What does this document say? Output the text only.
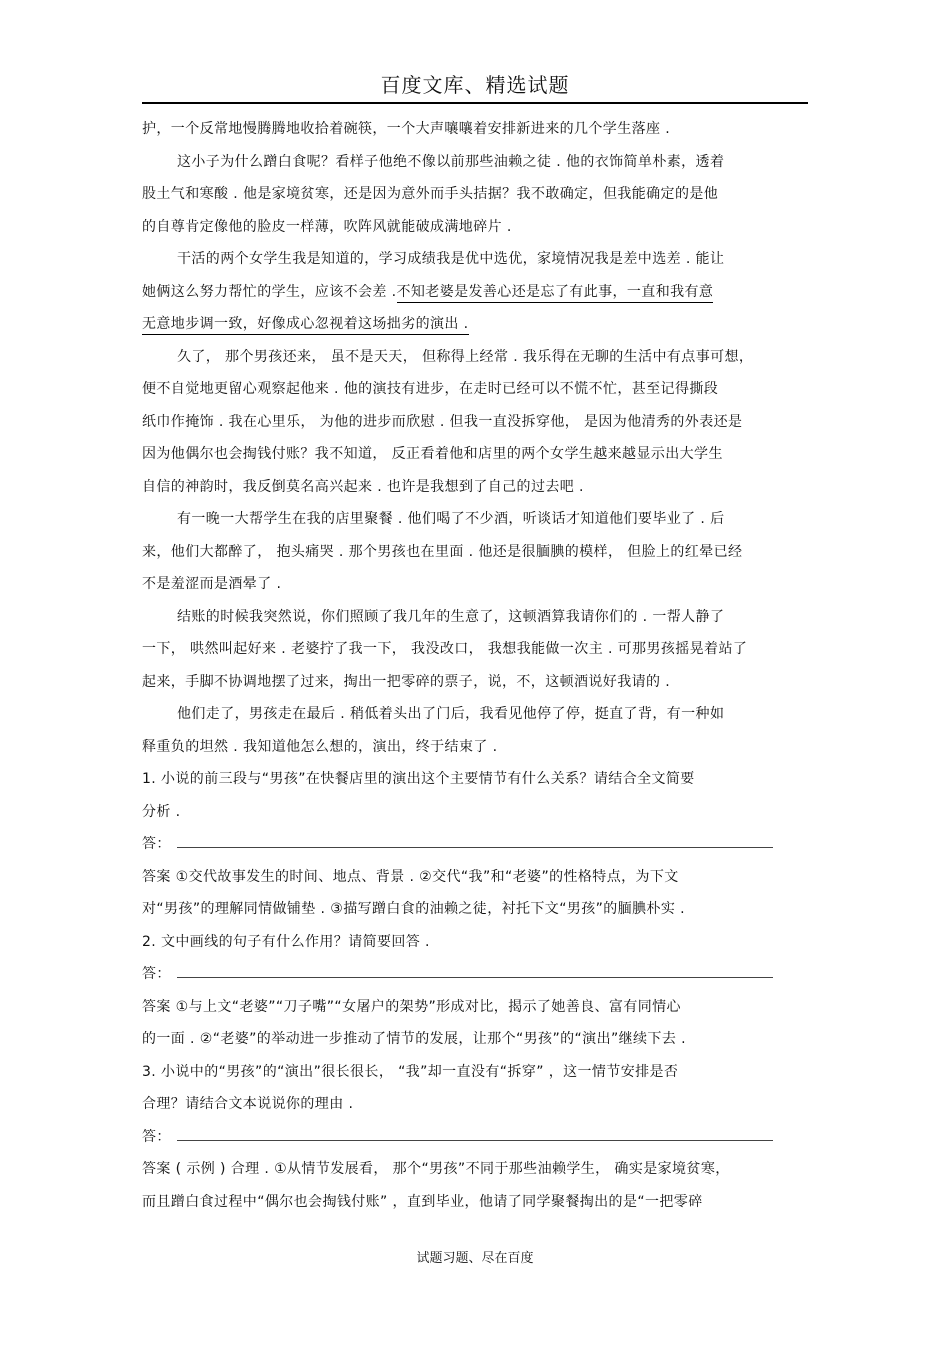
百度文库、精选试题
护，一个反常地慢腾腾地收拾着碗筷，一个大声嚷嚷着安排新进来的几个学生落座 .
这小子为什么蹭白食呢？看样子他绝不像以前那些油赖之徒 . 他的衣饰简单朴素，透着
股土气和寒酸 . 他是家境贫寒，还是因为意外而手头拮据？我不敢确定，但我能确定的是他
的自尊肯定像他的脸皮一样薄，吹阵风就能破成满地碎片 .
干活的两个女学生我是知道的，学习成绩我是优中选优，家境情况我是差中选差 . 能让
她俩这么努力帮忙的学生，应该不会差 .不知老婆是发善心还是忘了有此事，一直和我有意
无意地步调一致，好像成心忽视着这场拙劣的演出 .
久了， 那个男孩还来， 虽不是天天， 但称得上经常 . 我乐得在无聊的生活中有点事可想，
便不自觉地更留心观察起他来 . 他的演技有进步，在走时已经可以不慌不忙，甚至记得撕段
纸巾作掩饰 . 我在心里乐， 为他的进步而欣慰 . 但我一直没拆穿他， 是因为他清秀的外表还是
因为他偶尔也会掏钱付账？我不知道， 反正看着他和店里的两个女学生越来越显示出大学生
自信的神韵时，我反倒莫名高兴起来 . 也许是我想到了自己的过去吧 .
有一晚一大帮学生在我的店里聚餐 . 他们喝了不少酒，听谈话才知道他们要毕业了 . 后
来，他们大都醉了， 抱头痛哭 . 那个男孩也在里面 . 他还是很腼腆的模样， 但脸上的红晕已经
不是羞涩而是酒晕了 .
结账的时候我突然说，你们照顾了我几年的生意了，这顿酒算我请你们的 . 一帮人静了
一下， 哄然叫起好来 . 老婆拧了我一下， 我没改口， 我想我能做一次主 . 可那男孩摇晃着站了
起来，手脚不协调地摆了过来，掏出一把零碎的票子，说，不，这顿酒说好我请的 .
他们走了，男孩走在最后 . 稍低着头出了门后，我看见他停了停，挺直了背，有一种如
释重负的坦然 . 我知道他怎么想的，演出，终于结束了 .
1. 小说的前三段与“男孩”在快餐店里的演出这个主要情节有什么关系？请结合全文简要
分析 .
答：
答案 ①交代故事发生的时间、地点、背景 . ②交代“我”和“老婆”的性格特点，为下文
对“男孩”的理解同情做铺垫 . ③描写蹭白食的油赖之徒，衬托下文“男孩”的腼腆朴实 .
2. 文中画线的句子有什么作用？请简要回答 .
答：
答案 ①与上文“老婆”“刀子嘴”“女屠户的架势”形成对比，揭示了她善良、富有同情心
的一面 . ②“老婆”的举动进一步推动了情节的发展，让那个“男孩”的“演出”继续下去 .
3. 小说中的“男孩”的“演出”很长很长， “我”却一直没有“拆穿” ，这一情节安排是否
合理？请结合文本说说你的理由 .
答：
答案 ( 示例 ) 合理 . ①从情节发展看， 那个“男孩”不同于那些油赖学生， 确实是家境贫寒，
而且蹭白食过程中“偶尔也会掏钱付账” ，直到毕业，他请了同学聚餐掏出的是“一把零碎
试题习题、尽在百度
